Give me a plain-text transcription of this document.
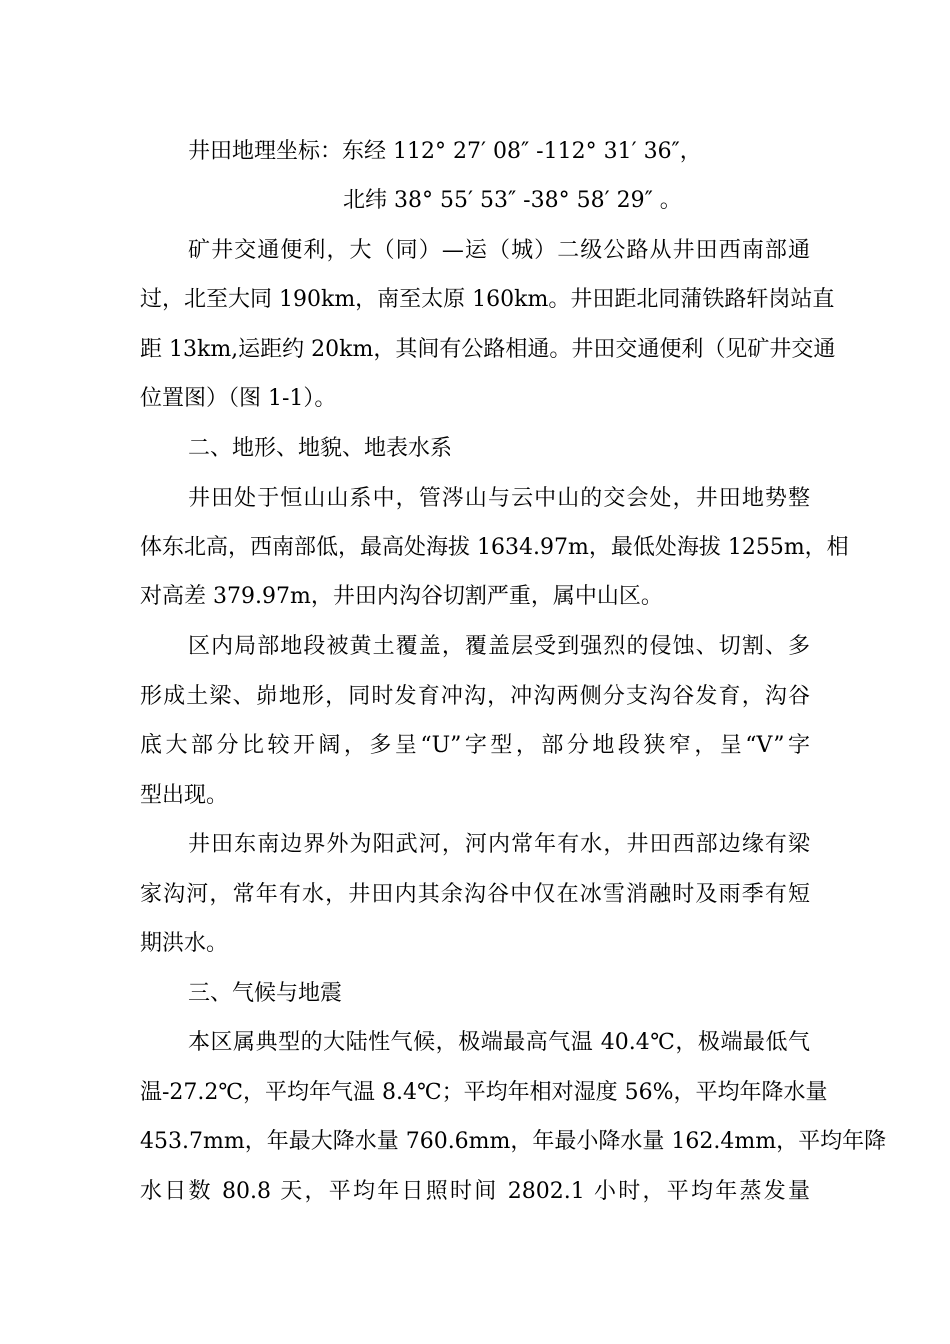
井田地理坐标：东经 112° 27′ 08″ -112° 31′ 36″，
北纬 38° 55′ 53″ -38° 58′ 29″ 。
矿井交通便利，大（同）—运（城）二级公路从井田西南部通
过，北至大同 190km，南至太原 160km。井田距北同蒲铁路轩岗站直
距 13km,运距约 20km，其间有公路相通。井田交通便利（见矿井交通
位置图）（图 1-1）。
二、地形、地貌、地表水系
井田处于恒山山系中，管涔山与云中山的交会处，井田地势整
体东北高，西南部低，最高处海拔 1634.97m，最低处海拔 1255m，相
对高差 379.97m，井田内沟谷切割严重，属中山区。
区内局部地段被黄土覆盖，覆盖层受到强烈的侵蚀、切割、多
形成土梁、峁地形，同时发育冲沟，冲沟两侧分支沟谷发育，沟谷
底大部分比较开阔，多呈“U”字型，部分地段狭窄，呈“V”字
型出现。
井田东南边界外为阳武河，河内常年有水，井田西部边缘有梁
家沟河，常年有水，井田内其余沟谷中仅在冰雪消融时及雨季有短
期洪水。
三、气候与地震
本区属典型的大陆性气候，极端最高气温 40.4℃，极端最低气
温-27.2℃，平均年气温 8.4℃；平均年相对湿度 56%，平均年降水量
453.7mm，年最大降水量 760.6mm，年最小降水量 162.4mm，平均年降
水日数 80.8 天，平均年日照时间 2802.1 小时，平均年蒸发量
